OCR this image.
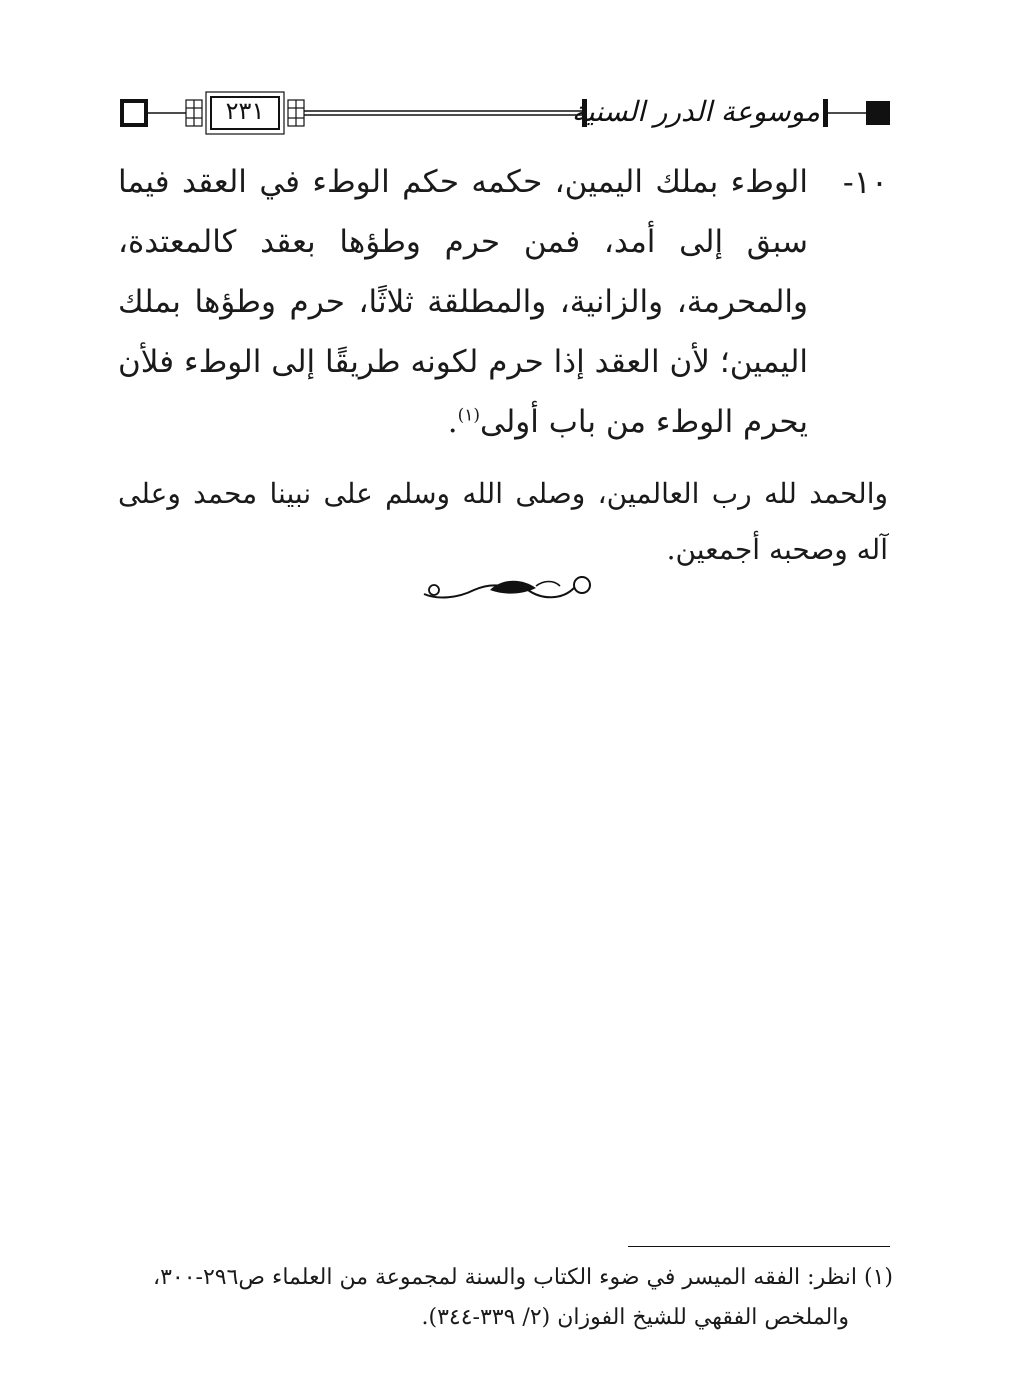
٢٣١	موسوعة الدرر السنية
١٠-
الوطء بملك اليمين، حكمه حكم الوطء في العقد فيما سبق إلى أمد، فمن حرم وطؤها بعقد كالمعتدة، والمحرمة، والزانية، والمطلقة ثلاثًا، حرم وطؤها بملك اليمين؛ لأن العقد إذا حرم لكونه طريقًا إلى الوطء فلأن يحرم الوطء من باب أولى$^{(١)}$.
والحمد لله رب العالمين، وصلى الله وسلم على نبينا محمد وعلى آله وصحبه أجمعين.
(١) انظر: الفقه الميسر في ضوء الكتاب والسنة لمجموعة من العلماء ص٢٩٦-٣٠٠،
والملخص الفقهي للشيخ الفوزان (٢/ ٣٣٩-٣٤٤).
